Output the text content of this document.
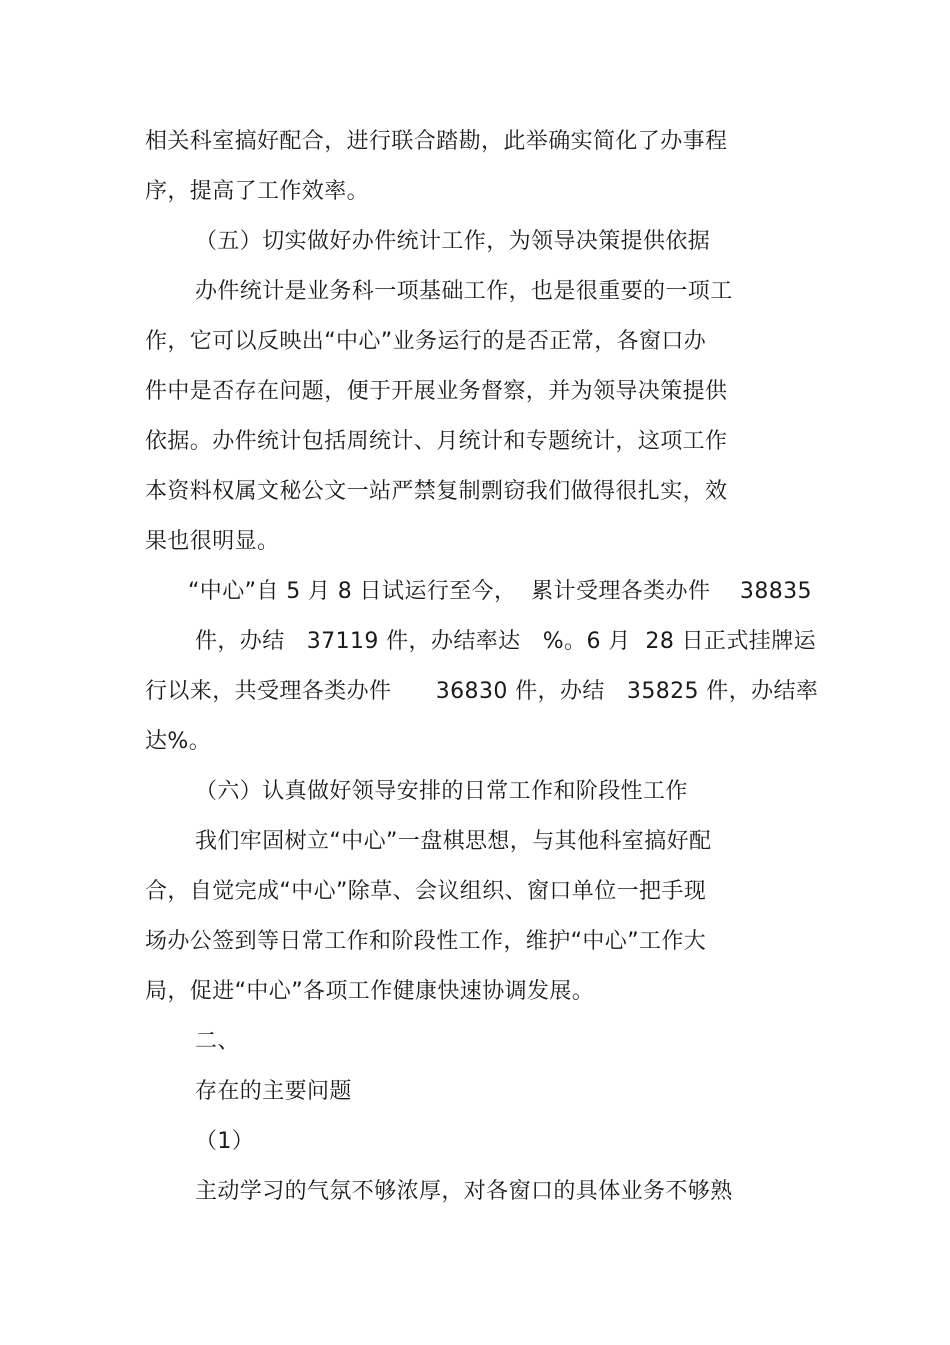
相关科室搞好配合，进行联合踏勘，此举确实简化了办事程
序，提高了工作效率。
（五）切实做好办件统计工作，为领导决策提供依据
办件统计是业务科一项基础工作，也是很重要的一项工
作，它可以反映出“中心”业务运行的是否正常，各窗口办
件中是否存在问题，便于开展业务督察，并为领导决策提供
依据。办件统计包括周统计、月统计和专题统计，这项工作
本资料权属文秘公文一站严禁复制剽窃我们做得很扎实，效
果也很明显。
“中心”自 5 月 8 日试运行至今，  累计受理各类办件    38835
件，办结   37119 件，办结率达   %。6 月  28 日正式挂牌运
行以来，共受理各类办件      36830 件，办结   35825 件，办结率
达%。
（六）认真做好领导安排的日常工作和阶段性工作
我们牢固树立“中心”一盘棋思想，与其他科室搞好配
合，自觉完成“中心”除草、会议组织、窗口单位一把手现
场办公签到等日常工作和阶段性工作，维护“中心”工作大
局，促进“中心”各项工作健康快速协调发展。
二、
存在的主要问题
（1）
主动学习的气氛不够浓厚，对各窗口的具体业务不够熟
